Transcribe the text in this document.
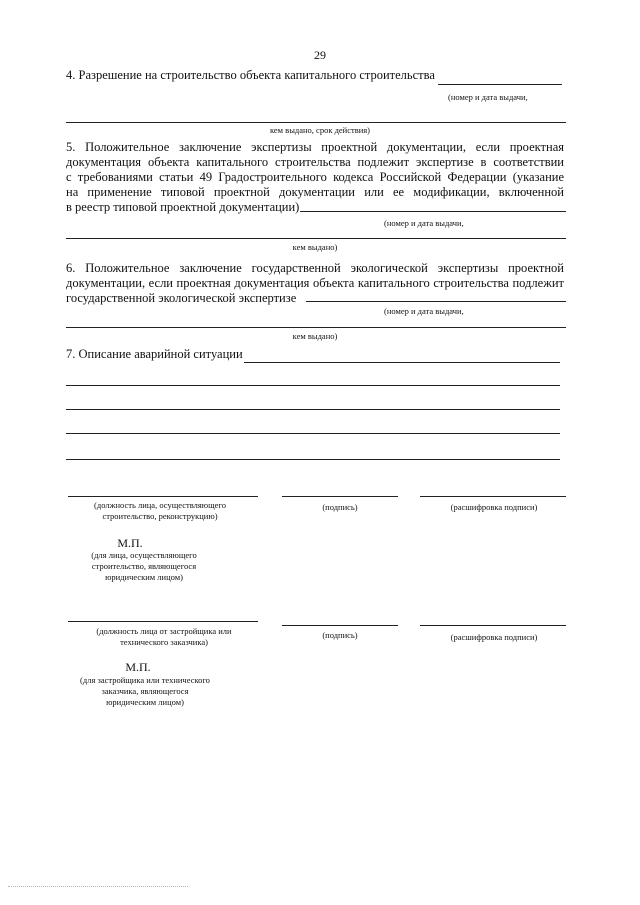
29
4. Разрешение на строительство объекта капитального строительства
(номер и дата выдачи,
кем выдано, срок действия)
5. Положительное заключение экспертизы проектной документации, если проектная
документация объекта капитального строительства подлежит экспертизе в соответствии
с требованиями статьи 49 Градостроительного кодекса Российской Федерации (указание
на применение типовой проектной документации или ее модификации, включенной
в реестр типовой проектной документации)
(номер и дата выдачи,
кем выдано)
6. Положительное заключение государственной экологической экспертизы проектной
документации, если проектная документация объекта капитального строительства подлежит
государственной экологической экспертизе
(номер и дата выдачи,
кем выдано)
7. Описание аварийной ситуации
(должность лица, осуществляющего строительство, реконструкцию)
(подпись)	(расшифровка подписи)
М.П.
(для лица, осуществляющего строительство, являющегося юридическим лицом)
(должность лица от застройщика или технического заказчика)
(подпись)	(расшифровка подписи)
М.П.
(для застройщика или технического заказчика, являющегося юридическим лицом)
